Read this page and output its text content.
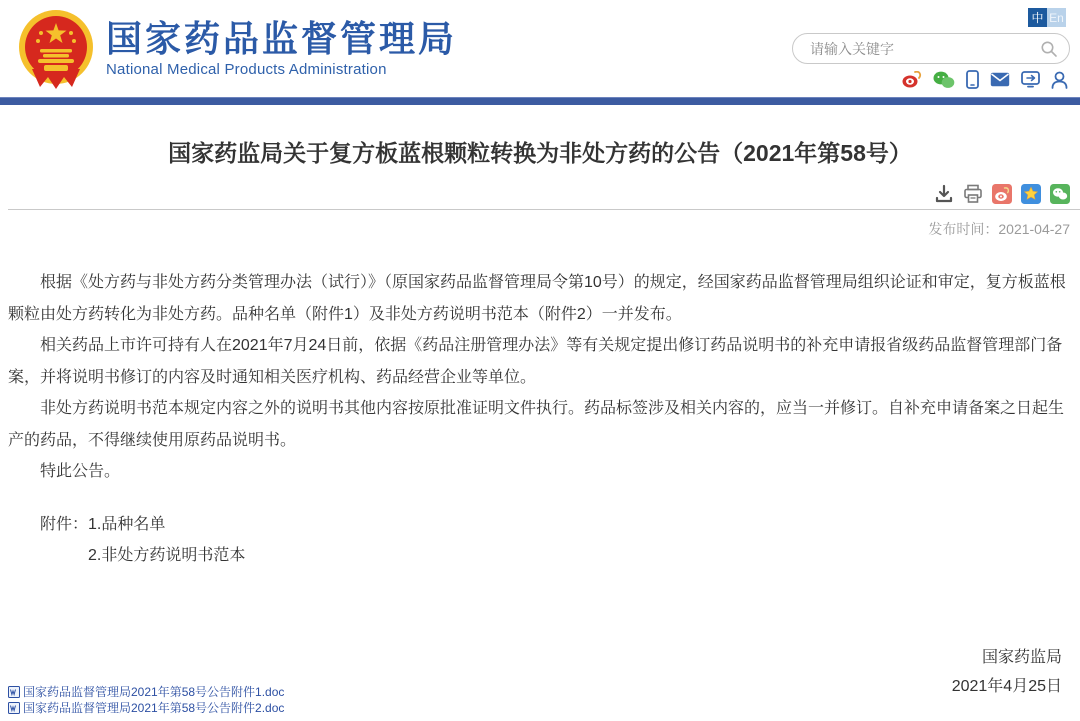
国家药品监督管理局
National Medical Products Administration
中 En
请输入关键字
国家药监局关于复方板蓝根颗粒转换为非处方药的公告（2021年第58号）
发布时间：2021-04-27

根据《处方药与非处方药分类管理办法（试行）》（原国家药品监督管理局令第10号）的规定，经国家药品监督管理局组织论证和审定，复方板蓝根颗粒由处方药转化为非处方药。品种名单（附件1）及非处方药说明书范本（附件2）一并发布。

相关药品上市许可持有人在2021年7月24日前，依据《药品注册管理办法》等有关规定提出修订药品说明书的补充申请报省级药品监督管理部门备案，并将说明书修订的内容及时通知相关医疗机构、药品经营企业等单位。

非处方药说明书范本规定内容之外的说明书其他内容按原批准证明文件执行。药品标签涉及相关内容的，应当一并修订。自补充申请备案之日起生产的药品，不得继续使用原药品说明书。

特此公告。

附件：1.品种名单
2.非处方药说明书范本
国家药监局
2021年4月25日
国家药品监督管理局2021年第58号公告附件1.doc
国家药品监督管理局2021年第58号公告附件2.doc
